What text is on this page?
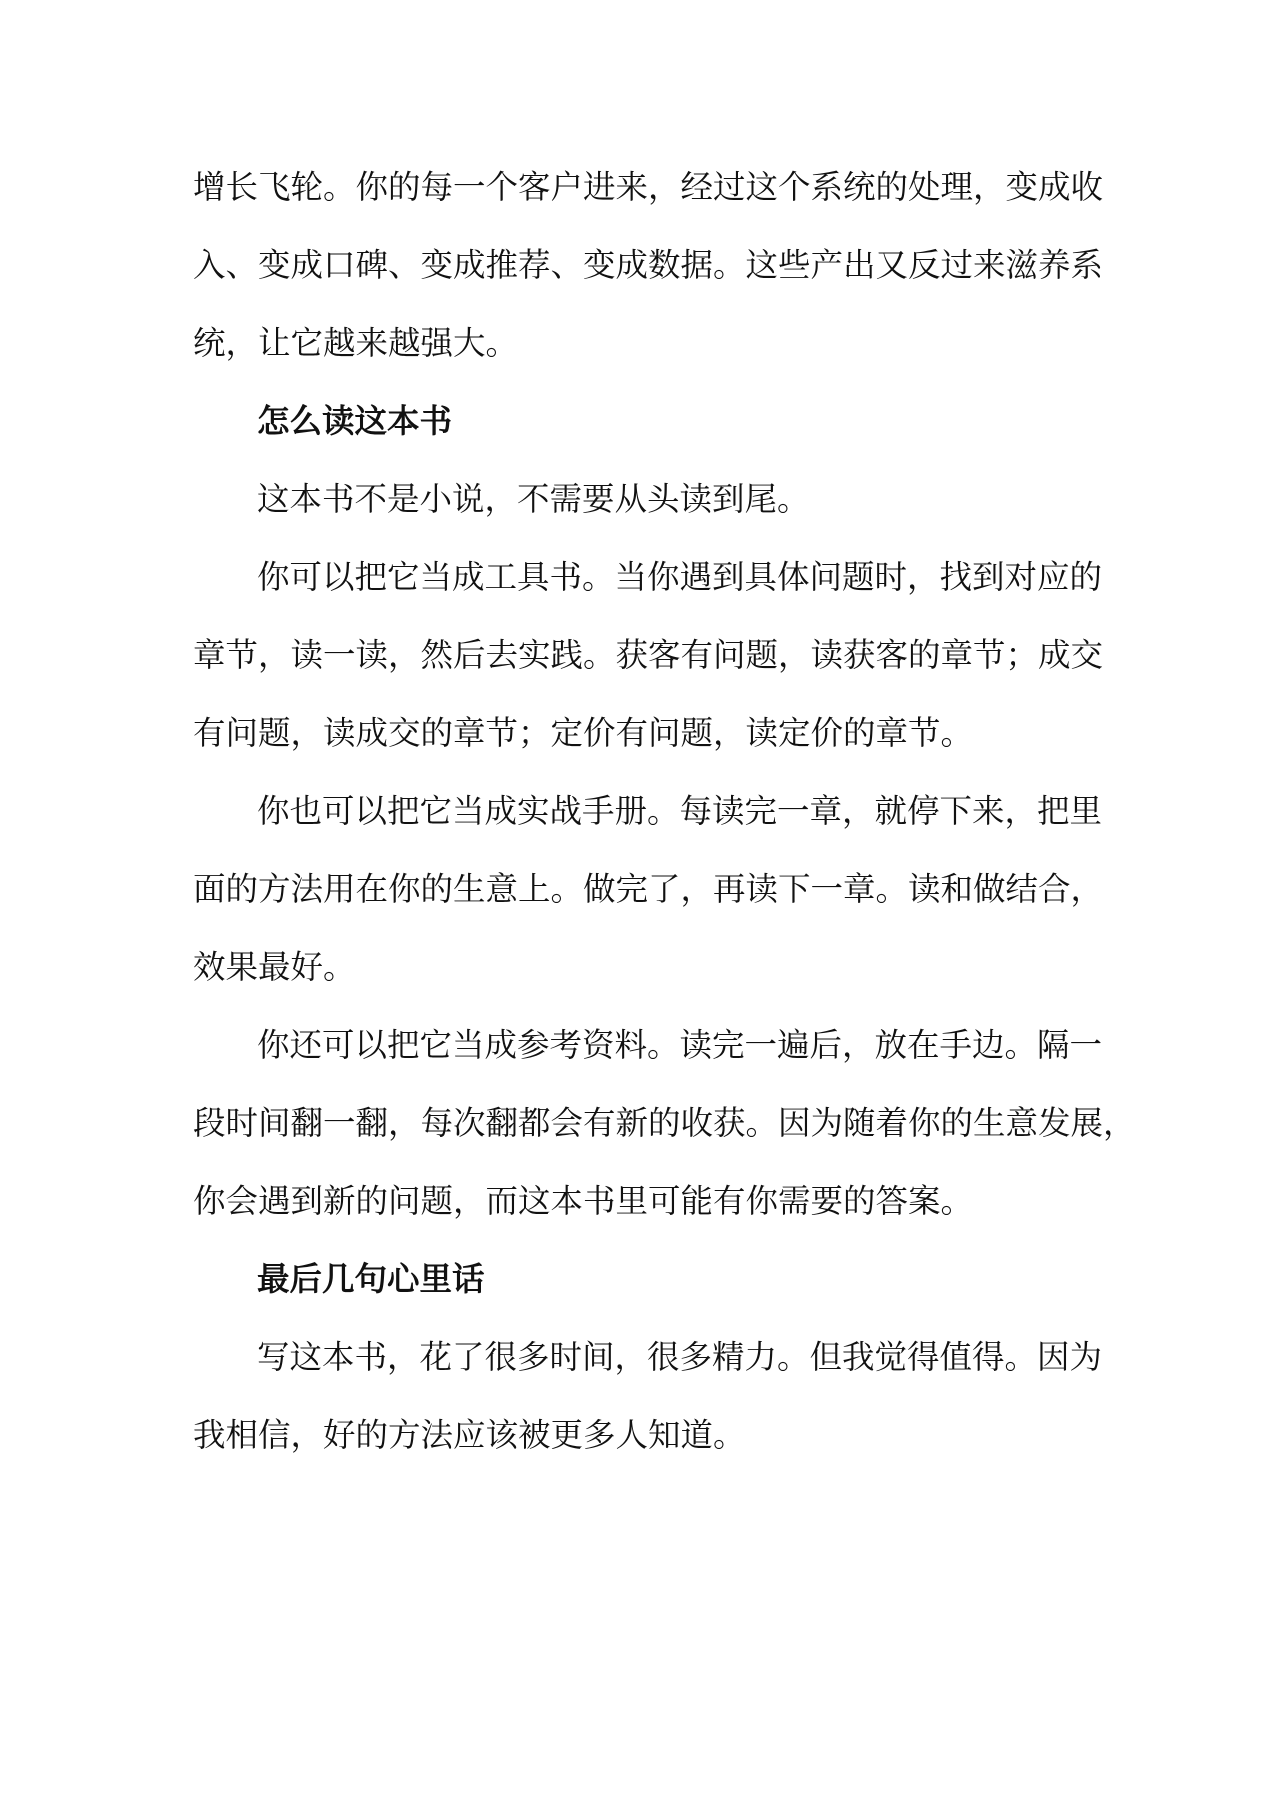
增长飞轮。你的每一个客户进来，经过这个系统的处理，变成收
入、变成口碑、变成推荐、变成数据。这些产出又反过来滋养系
统，让它越来越强大。
怎么读这本书
这本书不是小说，不需要从头读到尾。
你可以把它当成工具书。当你遇到具体问题时，找到对应的
章节，读一读，然后去实践。获客有问题，读获客的章节；成交
有问题，读成交的章节；定价有问题，读定价的章节。
你也可以把它当成实战手册。每读完一章，就停下来，把里
面的方法用在你的生意上。做完了，再读下一章。读和做结合，
效果最好。
你还可以把它当成参考资料。读完一遍后，放在手边。隔一
段时间翻一翻，每次翻都会有新的收获。因为随着你的生意发展，
你会遇到新的问题，而这本书里可能有你需要的答案。
最后几句心里话
写这本书，花了很多时间，很多精力。但我觉得值得。因为
我相信，好的方法应该被更多人知道。
